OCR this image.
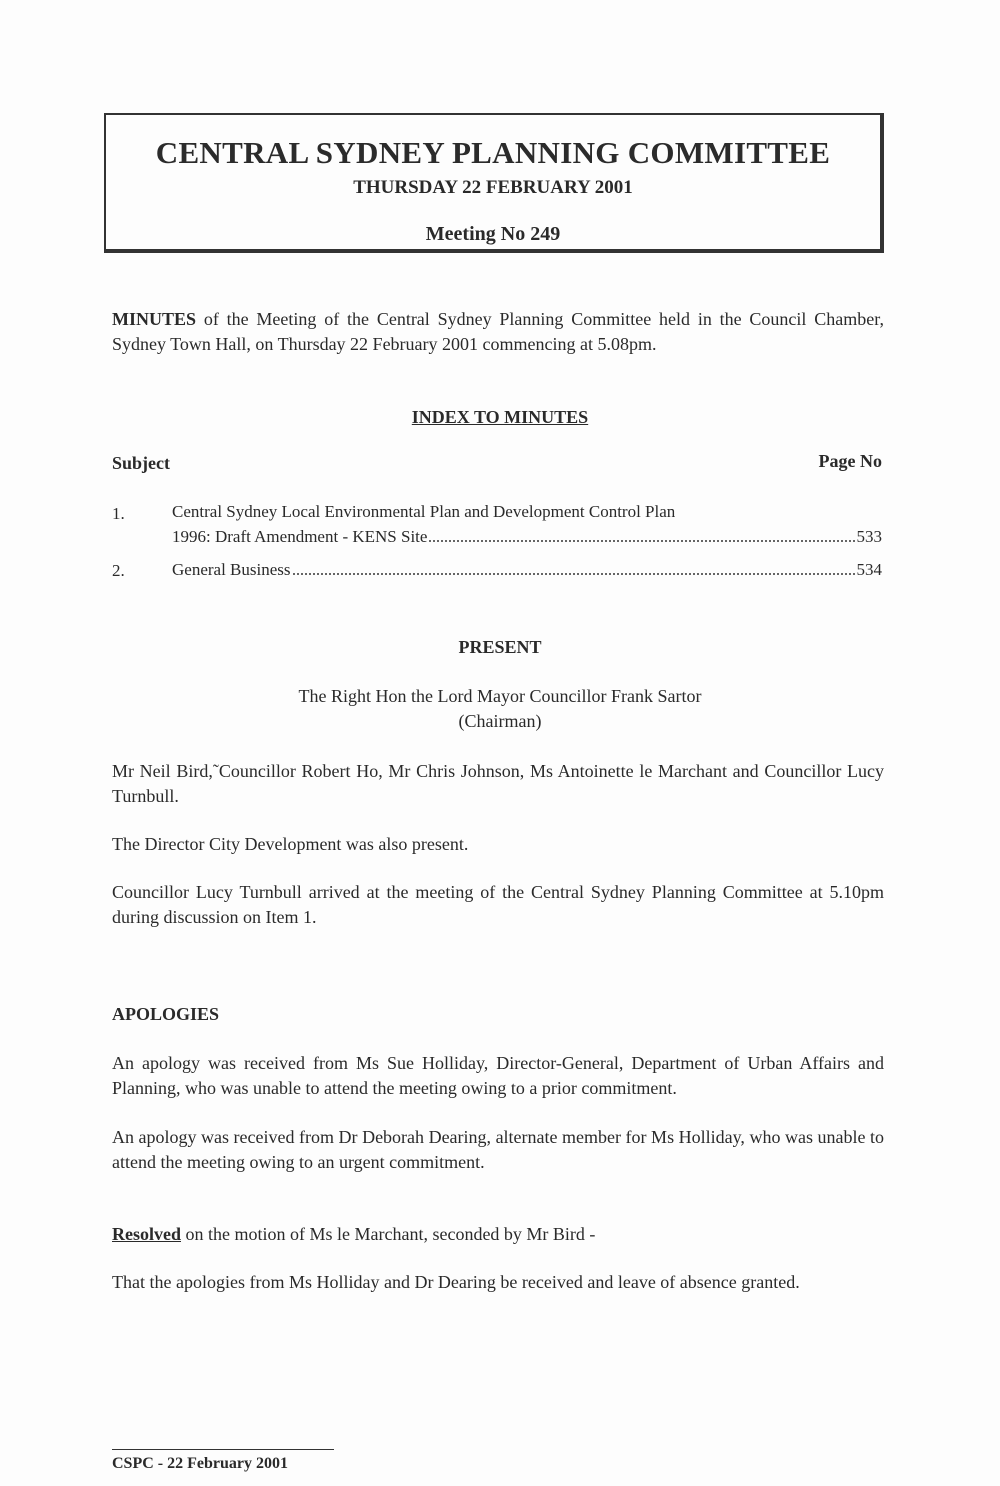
CENTRAL SYDNEY PLANNING COMMITTEE
THURSDAY 22 FEBRUARY 2001
Meeting No 249
MINUTES of the Meeting of the Central Sydney Planning Committee held in the Council Chamber, Sydney Town Hall, on Thursday 22 February 2001 commencing at 5.08pm.
INDEX TO MINUTES
Subject	Page No
1.	Central Sydney Local Environmental Plan and Development Control Plan
1996: Draft Amendment - KENS Site	533
2.	General Business	534
PRESENT
The Right Hon the Lord Mayor Councillor Frank Sartor
(Chairman)
Mr Neil Bird,˜Councillor Robert Ho, Mr Chris Johnson, Ms Antoinette le Marchant and Councillor Lucy Turnbull.
The Director City Development was also present.
Councillor Lucy Turnbull arrived at the meeting of the Central Sydney Planning Committee at 5.10pm during discussion on Item 1.
APOLOGIES
An apology was received from Ms Sue Holliday, Director-General, Department of Urban Affairs and Planning, who was unable to attend the meeting owing to a prior commitment.
An apology was received from Dr Deborah Dearing, alternate member for Ms Holliday, who was unable to attend the meeting owing to an urgent commitment.
Resolved on the motion of Ms le Marchant, seconded by Mr Bird -
That the apologies from Ms Holliday and Dr Dearing be received and leave of absence granted.
CSPC - 22 February 2001
